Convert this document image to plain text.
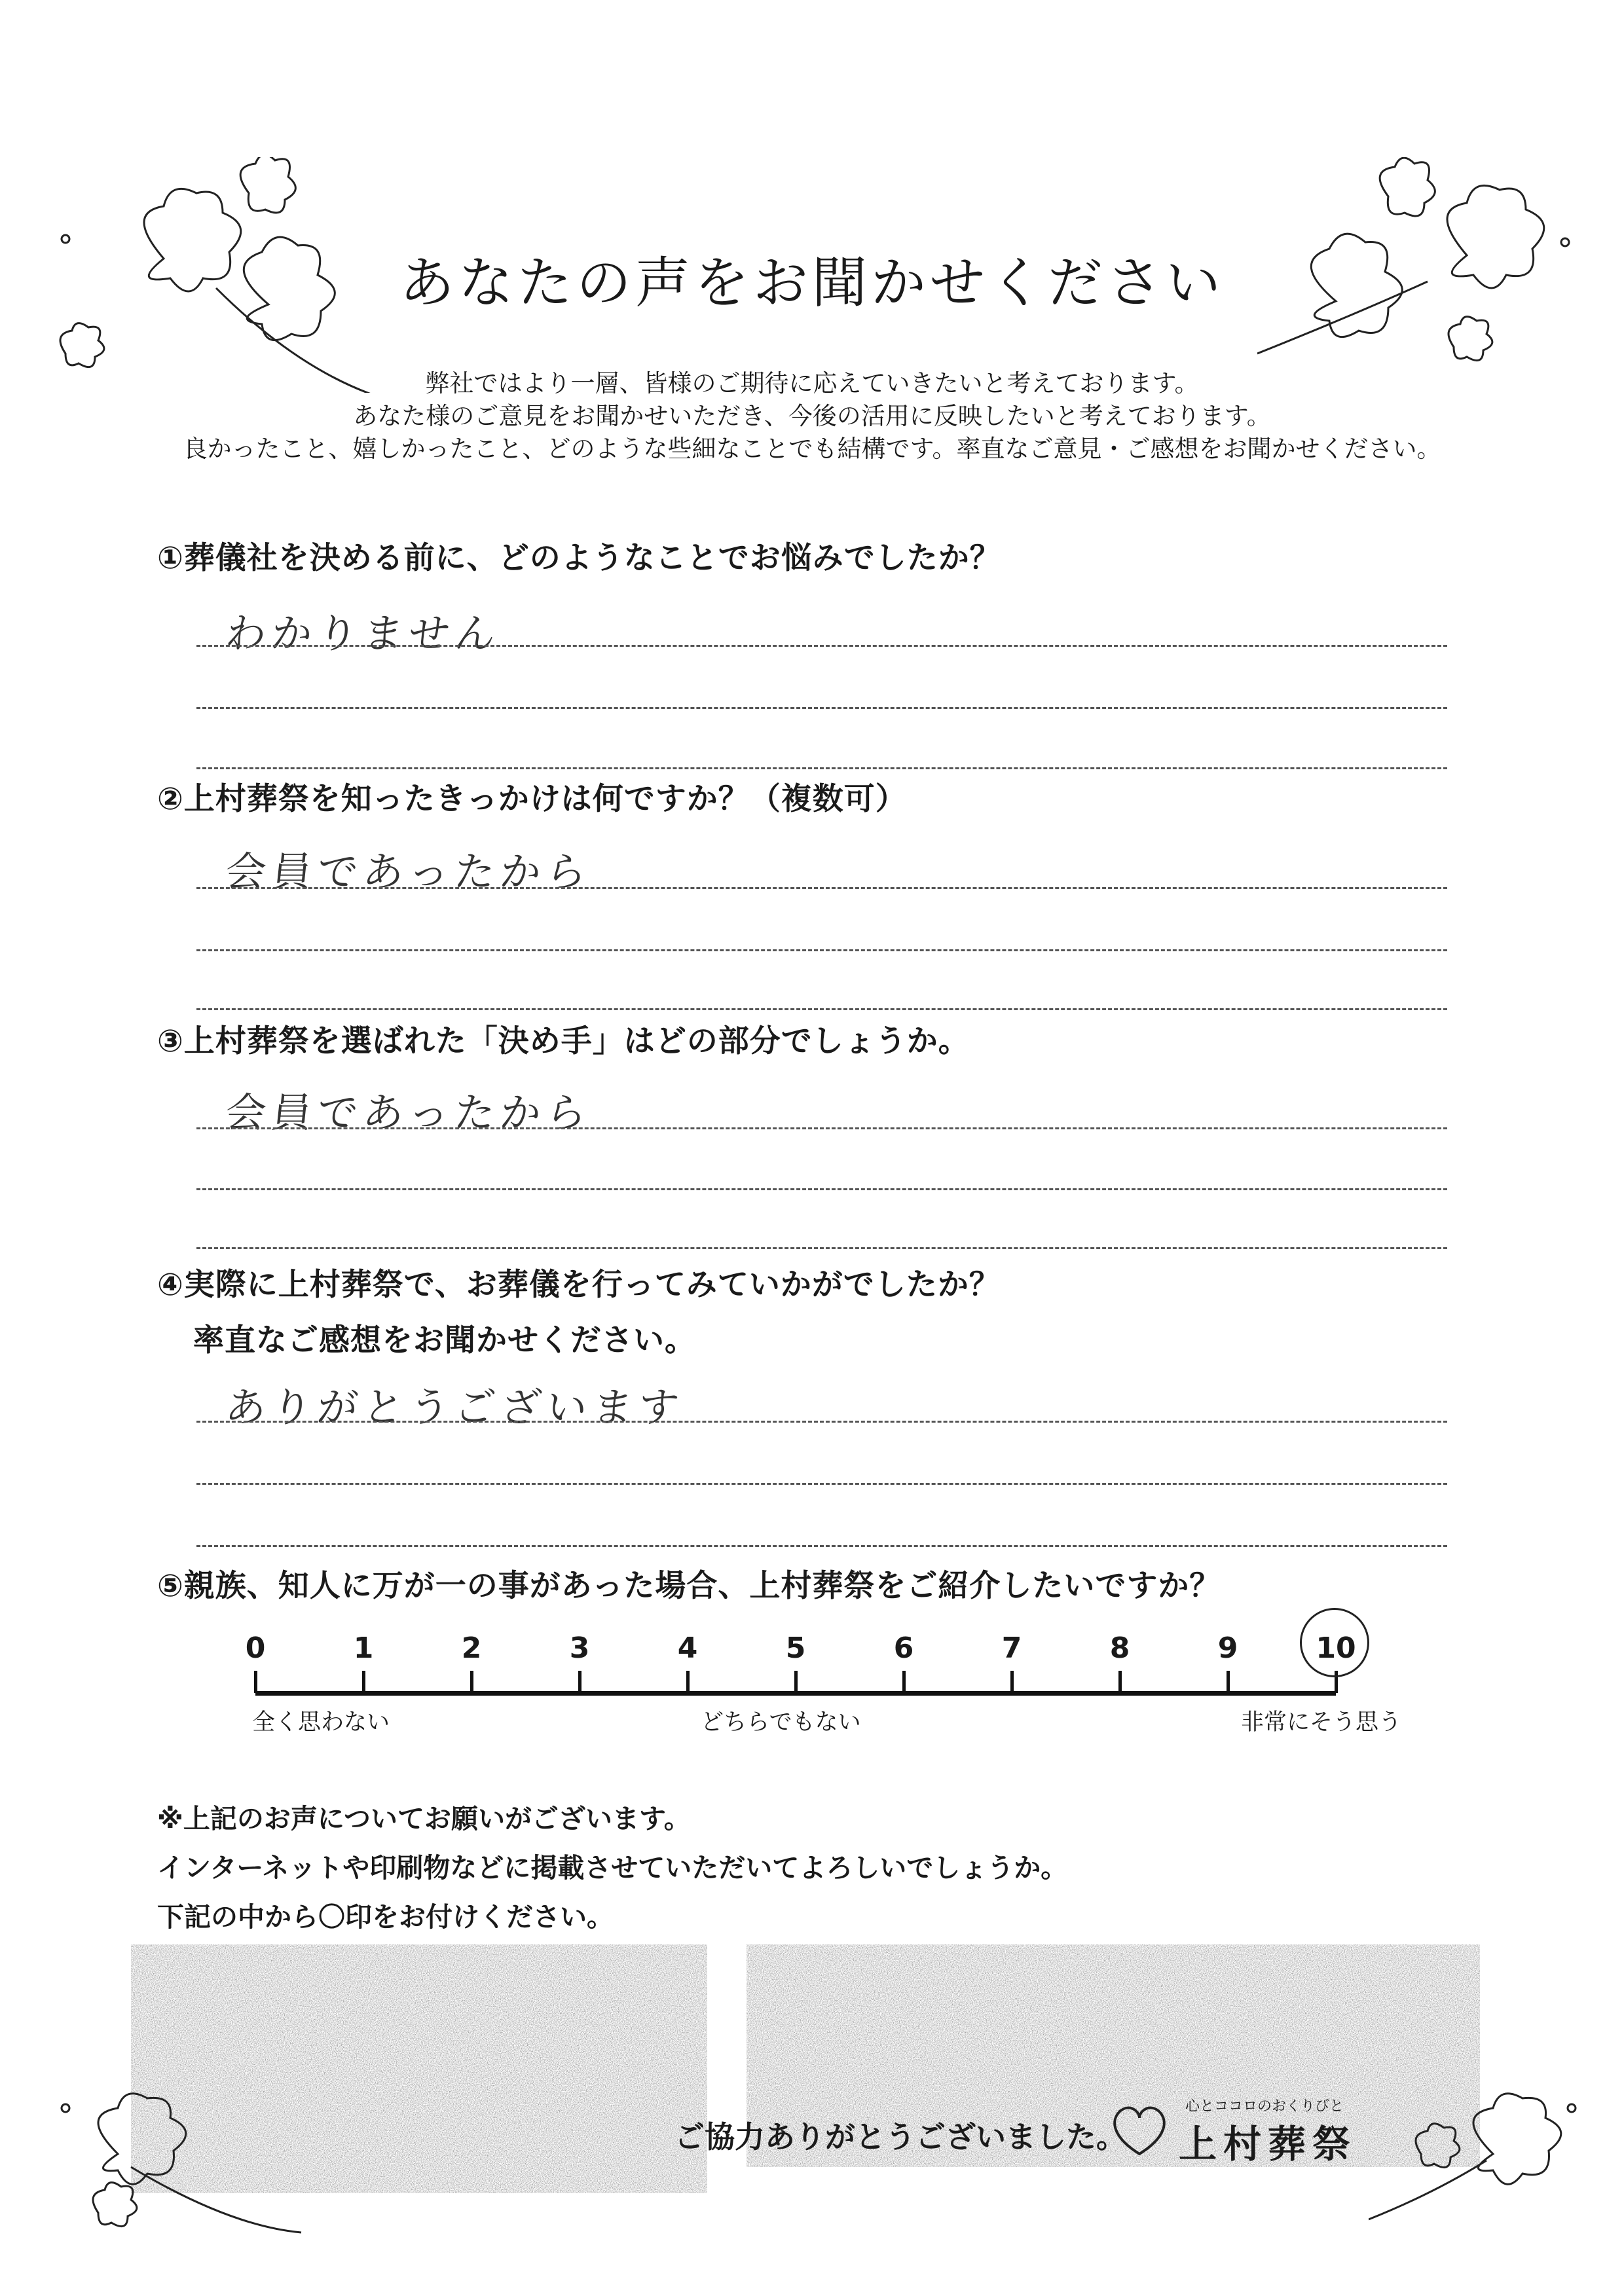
あなたの声をお聞かせください
弊社ではより一層、皆様のご期待に応えていきたいと考えております。
あなた様のご意見をお聞かせいただき、今後の活用に反映したいと考えております。
良かったこと、嬉しかったこと、どのような些細なことでも結構です。率直なご意見・ご感想をお聞かせください。
①葬儀社を決める前に、どのようなことでお悩みでしたか？
わかりません
②上村葬祭を知ったきっかけは何ですか？（複数可）
会員であったから
③上村葬祭を選ばれた「決め手」はどの部分でしょうか。
会員であったから
④実際に上村葬祭で、お葬儀を行ってみていかがでしたか？
率直なご感想をお聞かせください。
ありがとうございます
⑤親族、知人に万が一の事があった場合、上村葬祭をご紹介したいですか？
0	1	2	3	4	5	6	7	8	9	10
全く思わない	どちらでもない	非常にそう思う
※上記のお声についてお願いがございます。
インターネットや印刷物などに掲載させていただいてよろしいでしょうか。
下記の中から〇印をお付けください。
ご協力ありがとうございました。
心とココロのおくりびと
上村葬祭
